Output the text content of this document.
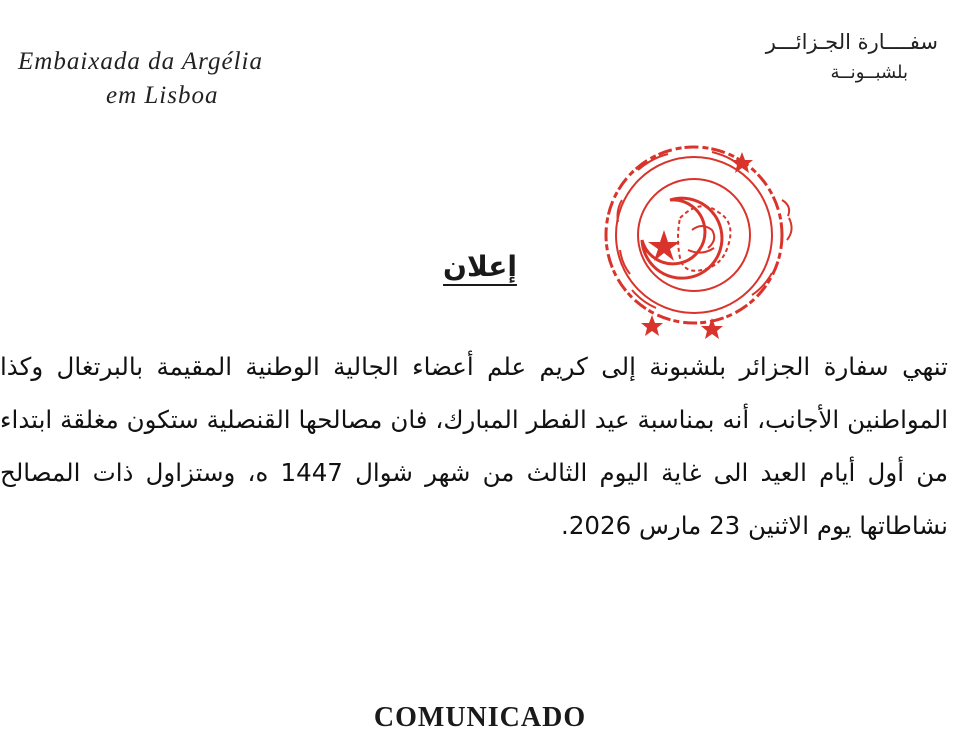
Embaixada da Argélia
em Lisboa
سفــــارة الجـزائـــر
بلشبــونــة
إعلان
تنهي سفارة الجزائر بلشبونة إلى كريم علم أعضاء الجالية الوطنية المقيمة بالبرتغال وكذا المواطنين الأجانب، أنه بمناسبة عيد الفطر المبارك، فان مصالحها القنصلية ستكون مغلقة ابتداء من أول أيام العيد الى غاية اليوم الثالث من شهر شوال 1447 ه، وستزاول ذات المصالح نشاطاتها يوم الاثنين 23 مارس 2026.
COMUNICADO
